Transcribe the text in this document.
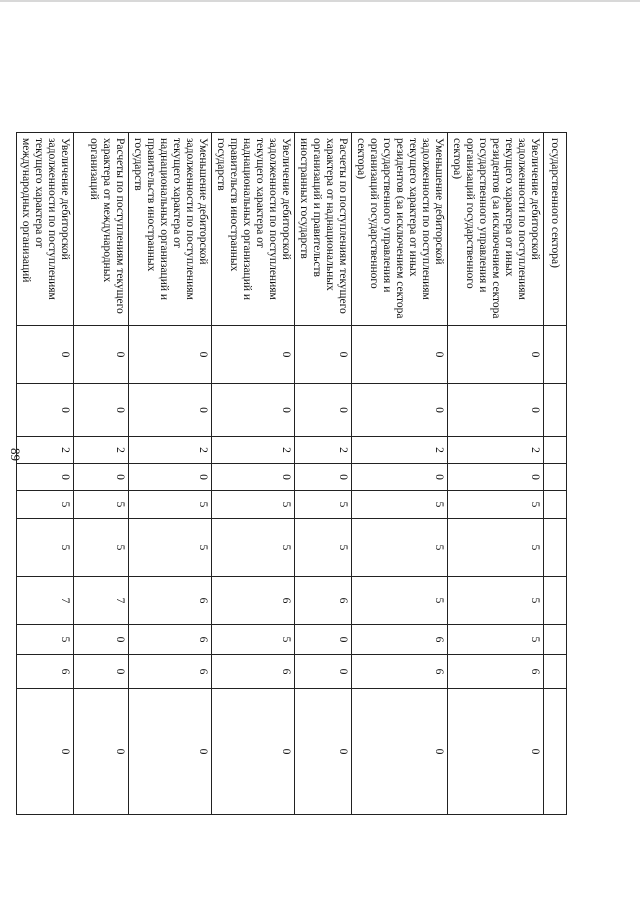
89
государственного сектора)										
Увеличение дебиторской задолженности по поступлениям текущего характера от иных резидентов (за исключением сектора государственного управления и организаций государственного сектора)	0	0	2	0	5	5	5	5	6	0
Уменьшение дебиторской задолженности по поступлениям текущего характера от иных резидентов (за исключением сектора государственного управления и организаций государственного сектора)	0	0	2	0	5	5	5	6	6	0
Расчеты по поступлениям текущего характера от наднациональных организаций и правительств иностранных государств	0	0	2	0	5	5	6	0	0	0
Увеличение дебиторской задолженности по поступлениям текущего характера от наднациональных организаций и правительств иностранных государств	0	0	2	0	5	5	6	5	6	0
Уменьшение дебиторской задолженности по поступлениям текущего характера от наднациональных организаций и правительств иностранных государств	0	0	2	0	5	5	6	6	6	0
Расчеты по поступлениям текущего характера от международных организаций	0	0	2	0	5	5	7	0	0	0
Увеличение дебиторской задолженности по поступлениям текущего характера от международных организаций	0	0	2	0	5	5	7	5	6	0
